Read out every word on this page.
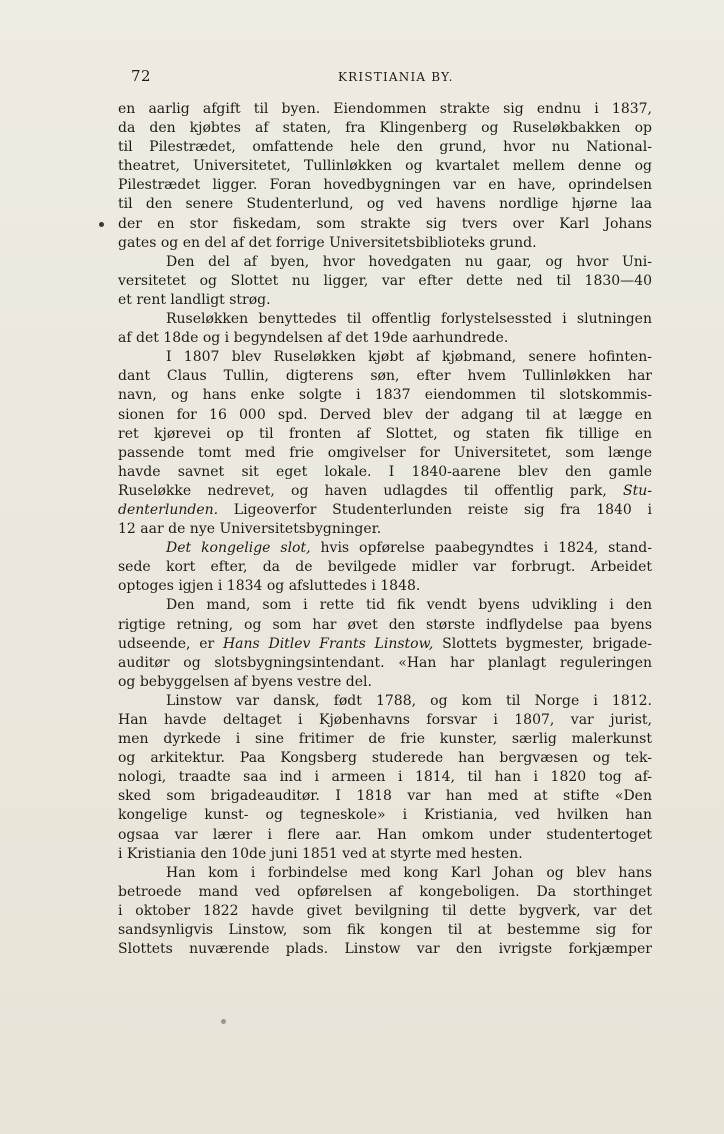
72	KRISTIANIA BY.
en aarlig afgift til byen. Eiendommen strakte sig endnu i 1837,
da den kjøbtes af staten, fra Klingenberg og Ruseløkbakken op
til Pilestrædet, omfattende hele den grund, hvor nu National-
theatret, Universitetet, Tullinløkken og kvartalet mellem denne og
Pilestrædet ligger. Foran hovedbygningen var en have, oprindelsen
til den senere Studenterlund, og ved havens nordlige hjørne laa
der en stor fiskedam, som strakte sig tvers over Karl Johans
gates og en del af det forrige Universitetsbiblioteks grund.
Den del af byen, hvor hovedgaten nu gaar, og hvor Uni-
versitetet og Slottet nu ligger, var efter dette ned til 1830—40
et rent landligt strøg.
Ruseløkken benyttedes til offentlig forlystelsessted i slutningen
af det 18de og i begyndelsen af det 19de aarhundrede.
I 1807 blev Ruseløkken kjøbt af kjøbmand, senere hofinten-
dant Claus Tullin, digterens søn, efter hvem Tullinløkken har
navn, og hans enke solgte i 1837 eiendommen til slotskommis-
sionen for 16 000 spd. Derved blev der adgang til at lægge en
ret kjørevei op til fronten af Slottet, og staten fik tillige en
passende tomt med frie omgivelser for Universitetet, som længe
havde savnet sit eget lokale. I 1840-aarene blev den gamle
Ruseløkke nedrevet, og haven udlagdes til offentlig park, Stu-
denterlunden. Ligeoverfor Studenterlunden reiste sig fra 1840 i
12 aar de nye Universitetsbygninger.
Det kongelige slot, hvis opførelse paabegyndtes i 1824, stand-
sede kort efter, da de bevilgede midler var forbrugt. Arbeidet
optoges igjen i 1834 og afsluttedes i 1848.
Den mand, som i rette tid fik vendt byens udvikling i den
rigtige retning, og som har øvet den største indflydelse paa byens
udseende, er Hans Ditlev Frants Linstow, Slottets bygmester, brigade-
auditør og slotsbygningsintendant. «Han har planlagt reguleringen
og bebyggelsen af byens vestre del.
Linstow var dansk, født 1788, og kom til Norge i 1812.
Han havde deltaget i Kjøbenhavns forsvar i 1807, var jurist,
men dyrkede i sine fritimer de frie kunster, særlig malerkunst
og arkitektur. Paa Kongsberg studerede han bergvæsen og tek-
nologi, traadte saa ind i armeen i 1814, til han i 1820 tog af-
sked som brigadeauditør. I 1818 var han med at stifte «Den
kongelige kunst- og tegneskole» i Kristiania, ved hvilken han
ogsaa var lærer i flere aar. Han omkom under studentertoget
i Kristiania den 10de juni 1851 ved at styrte med hesten.
Han kom i forbindelse med kong Karl Johan og blev hans
betroede mand ved opførelsen af kongeboligen. Da storthinget
i oktober 1822 havde givet bevilgning til dette bygverk, var det
sandsynligvis Linstow, som fik kongen til at bestemme sig for
Slottets nuværende plads. Linstow var den ivrigste forkjæmper
